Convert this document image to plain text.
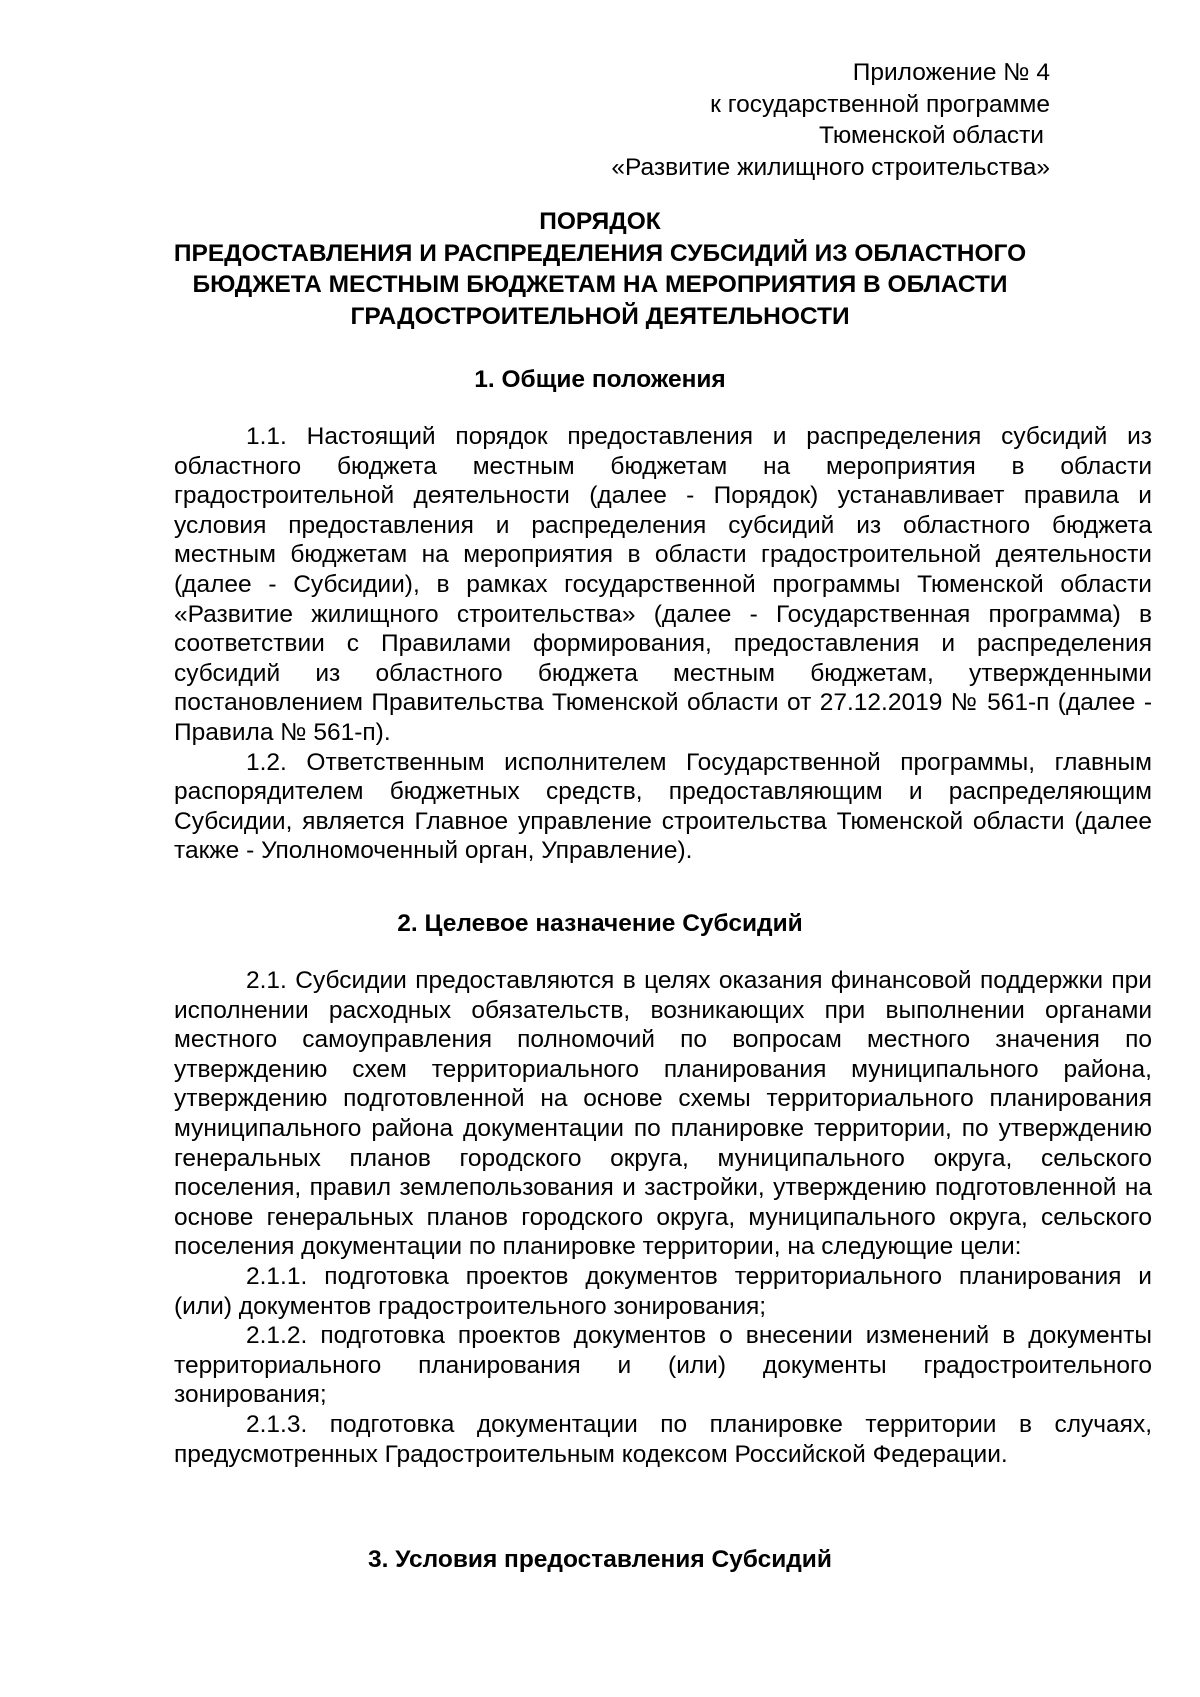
Приложение № 4
к государственной программе
Тюменской области
«Развитие жилищного строительства»
ПОРЯДОК
ПРЕДОСТАВЛЕНИЯ И РАСПРЕДЕЛЕНИЯ СУБСИДИЙ ИЗ ОБЛАСТНОГО
БЮДЖЕТА МЕСТНЫМ БЮДЖЕТАМ НА МЕРОПРИЯТИЯ В ОБЛАСТИ
ГРАДОСТРОИТЕЛЬНОЙ ДЕЯТЕЛЬНОСТИ
1. Общие положения

1.1. Настоящий порядок предоставления и распределения субсидий из областного бюджета местным бюджетам на мероприятия в области градостроительной деятельности (далее - Порядок) устанавливает правила и условия предоставления и распределения субсидий из областного бюджета местным бюджетам на мероприятия в области градостроительной деятельности (далее - Субсидии), в рамках государственной программы Тюменской области «Развитие жилищного строительства» (далее - Государственная программа) в соответствии с Правилами формирования, предоставления и распределения субсидий из областного бюджета местным бюджетам, утвержденными постановлением Правительства Тюменской области от 27.12.2019 № 561-п (далее - Правила № 561-п).

1.2. Ответственным исполнителем Государственной программы, главным распорядителем бюджетных средств, предоставляющим и распределяющим Субсидии, является Главное управление строительства Тюменской области (далее также - Уполномоченный орган, Управление).

2. Целевое назначение Субсидий

2.1. Субсидии предоставляются в целях оказания финансовой поддержки при исполнении расходных обязательств, возникающих при выполнении органами местного самоуправления полномочий по вопросам местного значения по утверждению схем территориального планирования муниципального района, утверждению подготовленной на основе схемы территориального планирования муниципального района документации по планировке территории, по утверждению генеральных планов городского округа, муниципального округа, сельского поселения, правил землепользования и застройки, утверждению подготовленной на основе генеральных планов городского округа, муниципального округа, сельского поселения документации по планировке территории, на следующие цели:

2.1.1. подготовка проектов документов территориального планирования и (или) документов градостроительного зонирования;

2.1.2. подготовка проектов документов о внесении изменений в документы территориального планирования и (или) документы градостроительного зонирования;

2.1.3. подготовка документации по планировке территории в случаях, предусмотренных Градостроительным кодексом Российской Федерации.

3. Условия предоставления Субсидий
